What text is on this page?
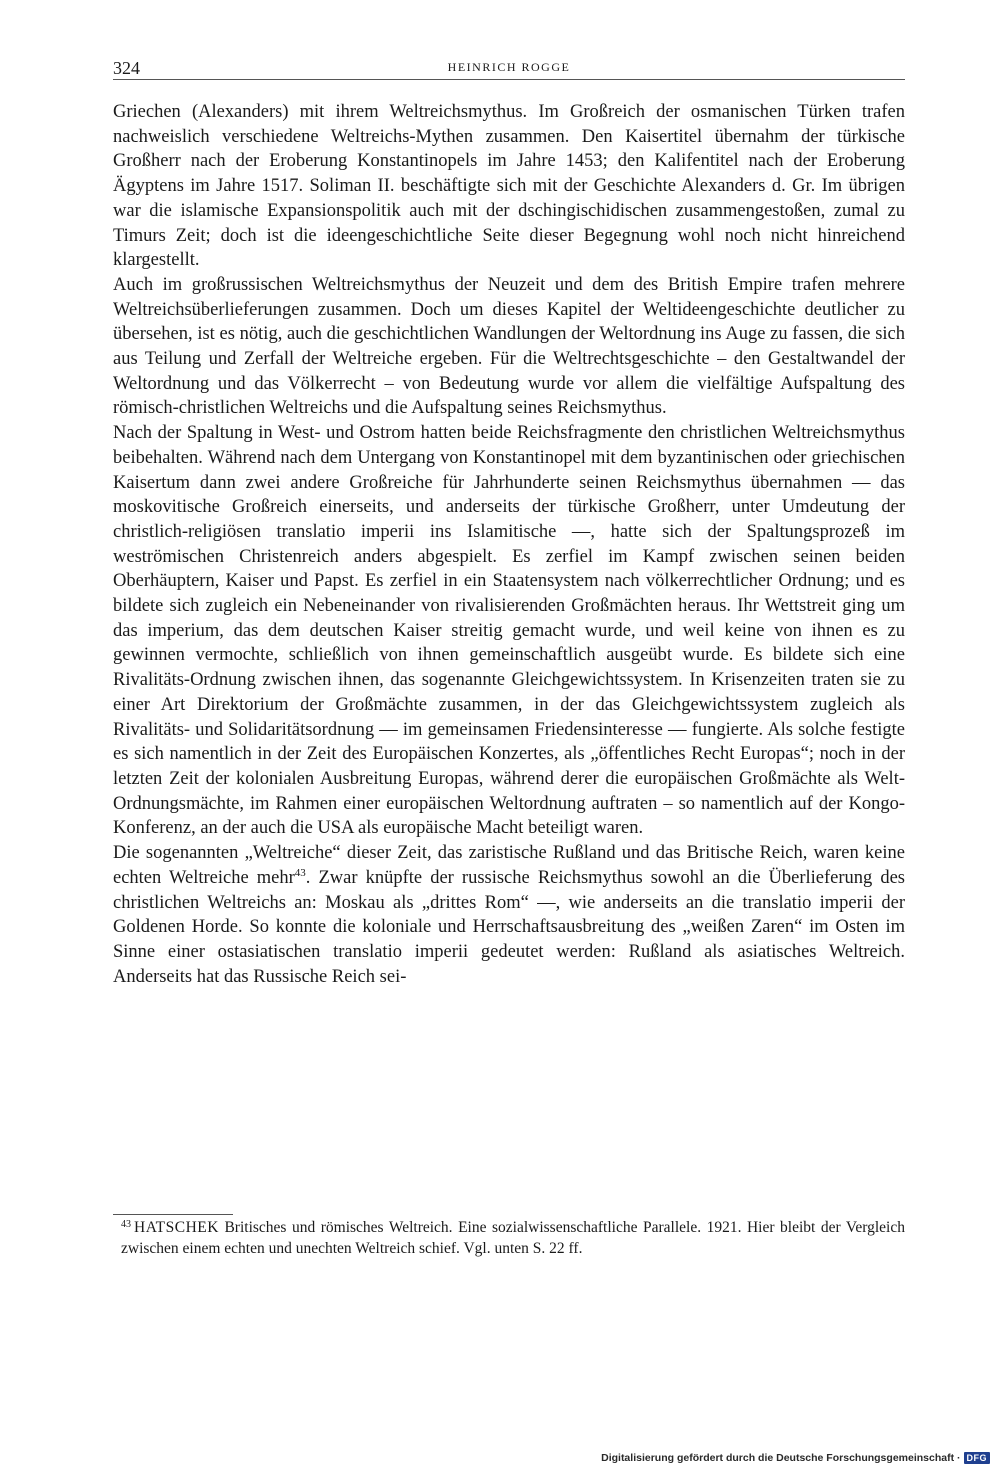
324	HEINRICH ROGGE

Griechen (Alexanders) mit ihrem Weltreichsmythus. Im Großreich der osmanischen Türken trafen nachweislich verschiedene Weltreichs-Mythen zusammen. Den Kaisertitel übernahm der türkische Großherr nach der Eroberung Konstantinopels im Jahre 1453; den Kalifentitel nach der Eroberung Ägyptens im Jahre 1517. Soliman II. beschäftigte sich mit der Geschichte Alexanders d. Gr. Im übrigen war die islamische Expansionspolitik auch mit der dschingischidischen zusammengestoßen, zumal zu Timurs Zeit; doch ist die ideengeschichtliche Seite dieser Begegnung wohl noch nicht hinreichend klargestellt.

Auch im großrussischen Weltreichsmythus der Neuzeit und dem des British Empire trafen mehrere Weltreichsüberlieferungen zusammen. Doch um dieses Kapitel der Weltideengeschichte deutlicher zu übersehen, ist es nötig, auch die geschichtlichen Wandlungen der Weltordnung ins Auge zu fassen, die sich aus Teilung und Zerfall der Weltreiche ergeben. Für die Weltrechtsgeschichte – den Gestaltwandel der Weltordnung und das Völkerrecht – von Bedeutung wurde vor allem die vielfältige Aufspaltung des römisch-christlichen Weltreichs und die Aufspaltung seines Reichsmythus.

Nach der Spaltung in West- und Ostrom hatten beide Reichsfragmente den christlichen Weltreichsmythus beibehalten. Während nach dem Untergang von Konstantinopel mit dem byzantinischen oder griechischen Kaisertum dann zwei andere Großreiche für Jahrhunderte seinen Reichsmythus übernahmen — das moskovitische Großreich einerseits, und anderseits der türkische Großherr, unter Umdeutung der christlich-religiösen translatio imperii ins Islamitische —, hatte sich der Spaltungsprozeß im weströmischen Christenreich anders abgespielt. Es zerfiel im Kampf zwischen seinen beiden Oberhäuptern, Kaiser und Papst. Es zerfiel in ein Staatensystem nach völkerrechtlicher Ordnung; und es bildete sich zugleich ein Nebeneinander von rivalisierenden Großmächten heraus. Ihr Wettstreit ging um das imperium, das dem deutschen Kaiser streitig gemacht wurde, und weil keine von ihnen es zu gewinnen vermochte, schließlich von ihnen gemeinschaftlich ausgeübt wurde. Es bildete sich eine Rivalitäts-Ordnung zwischen ihnen, das sogenannte Gleichgewichtssystem. In Krisenzeiten traten sie zu einer Art Direktorium der Großmächte zusammen, in der das Gleichgewichtssystem zugleich als Rivalitäts- und Solidaritätsordnung — im gemeinsamen Friedensinteresse — fungierte. Als solche festigte es sich namentlich in der Zeit des Europäischen Konzertes, als „öffentliches Recht Europas“; noch in der letzten Zeit der kolonialen Ausbreitung Europas, während derer die europäischen Großmächte als Welt-Ordnungsmächte, im Rahmen einer europäischen Weltordnung auftraten – so namentlich auf der Kongo-Konferenz, an der auch die USA als europäische Macht beteiligt waren.

Die sogenannten „Weltreiche“ dieser Zeit, das zaristische Rußland und das Britische Reich, waren keine echten Weltreiche mehr$^{43}$. Zwar knüpfte der russische Reichsmythus sowohl an die Überlieferung des christlichen Weltreichs an: Moskau als „drittes Rom“ —, wie anderseits an die translatio imperii der Goldenen Horde. So konnte die koloniale und Herrschaftsausbreitung des „weißen Zaren“ im Osten im Sinne einer ostasiatischen translatio imperii gedeutet werden: Rußland als asiatisches Weltreich. Anderseits hat das Russische Reich sei-

$^{43}$ HATSCHEK Britisches und römisches Weltreich. Eine sozialwissenschaftliche Parallele. 1921. Hier bleibt der Vergleich zwischen einem echten und unechten Weltreich schief. Vgl. unten S. 22 ff.

Digitalisierung gefördert durch die Deutsche Forschungsgemeinschaft · DFG
